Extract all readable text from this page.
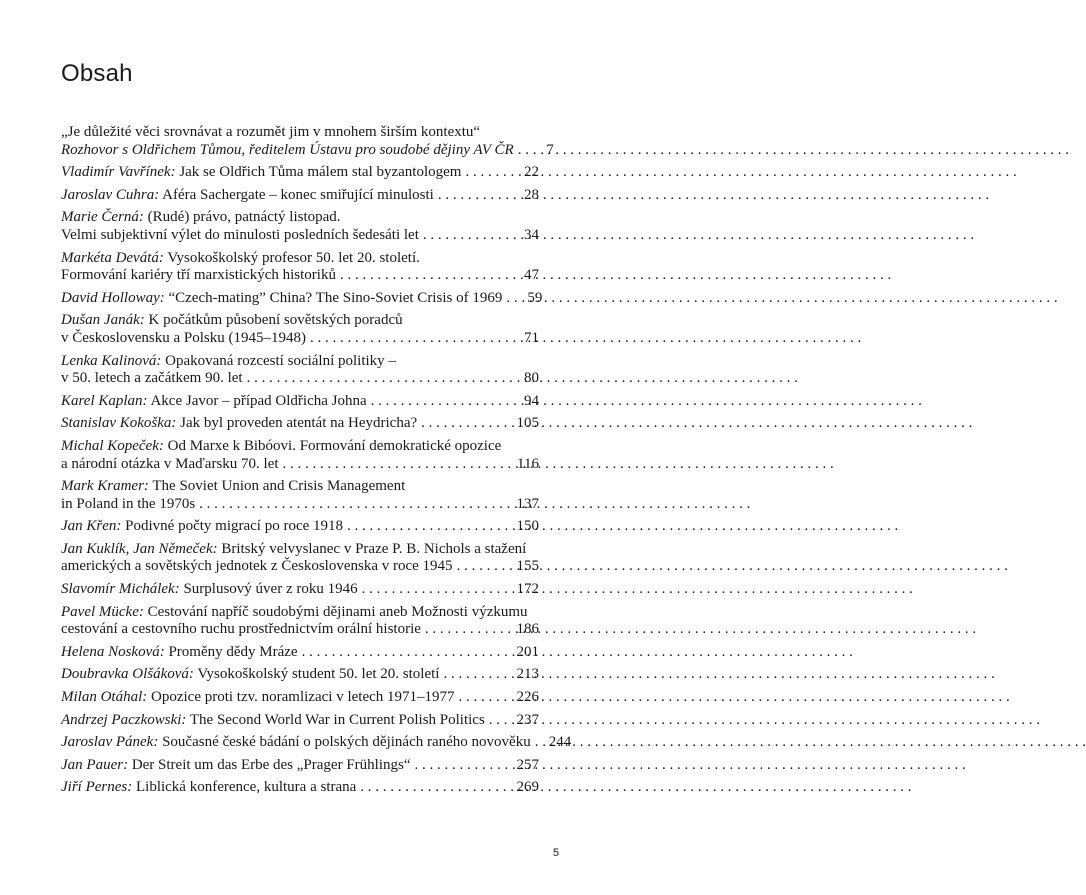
Obsah
„Je důležité věci srovnávat a rozumět jim v mnohem širším kontextu“
Rozhovor s Oldřichem Tůmou, ředitelem Ústavu pro soudobé dějiny AV ČR . . .	7
Vladimír Vavřínek: Jak se Oldřich Tůma málem stal byzantologem . . .	22
Jaroslav Cuhra: Aféra Sachergate – konec smiřující minulosti . . .	28
Marie Černá: (Rudé) právo, patnáctý listopad.
Velmi subjektivní výlet do minulosti posledních šedesáti let . . .	34
Markéta Devátá: Vysokoškolský profesor 50. let 20. století.
Formování kariéry tří marxistických historiků . . .	47
David Holloway: “Czech-mating” China? The Sino-Soviet Crisis of 1969 . . .	59
Dušan Janák: K počátkům působení sovětských poradců
v Československu a Polsku (1945–1948) . . .	71
Lenka Kalinová: Opakovaná rozcestí sociální politiky –
v 50. letech a začátkem 90. let . . .	80
Karel Kaplan: Akce Javor – případ Oldřicha Johna . . .	94
Stanislav Kokoška: Jak byl proveden atentát na Heydricha? . . .	105
Michal Kopeček: Od Marxe k Bibóovi. Formování demokratické opozice
a národní otázka v Maďarsku 70. let . . .	116
Mark Kramer: The Soviet Union and Crisis Management
in Poland in the 1970s . . .	137
Jan Křen: Podivné počty migrací po roce 1918 . . .	150
Jan Kuklík, Jan Němeček: Britský velvyslanec v Praze P. B. Nichols a stažení
amerických a sovětských jednotek z Československa v roce 1945 . . .	155
Slavomír Michálek: Surplusový úver z roku 1946 . . .	172
Pavel Mücke: Cestování napříč soudobými dějinami aneb Možnosti výzkumu
cestování a cestovního ruchu prostřednictvím orální historie . . .	186
Helena Nosková: Proměny dědy Mráze . . .	201
Doubravka Olšáková: Vysokoškolský student 50. let 20. století . . .	213
Milan Otáhal: Opozice proti tzv. noramlizaci v letech 1971–1977 . . .	226
Andrzej Paczkowski: The Second World War in Current Polish Politics . . . 237
Jaroslav Pánek: Současné české bádání o polských dějinách raného novověku . . . 244
Jan Pauer: Der Streit um das Erbe des „Prager Frühlings“ . . .	257
Jiří Pernes: Liblická konference, kultura a strana . . .	269
5
